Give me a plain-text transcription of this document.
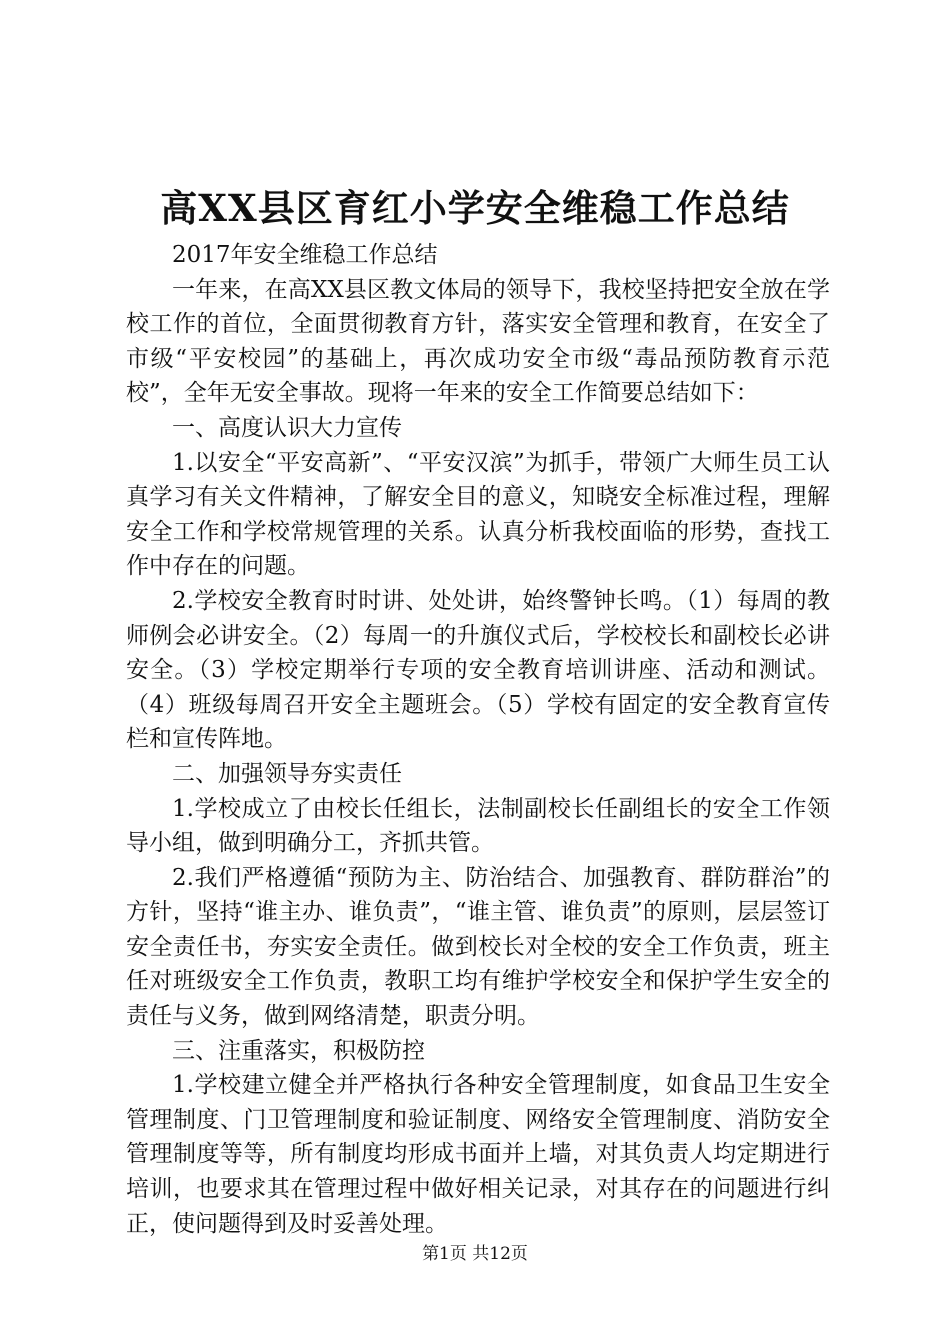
高XX县区育红小学安全维稳工作总结

2017年安全维稳工作总结

一年来，在高XX县区教文体局的领导下，我校坚持把安全放在学校工作的首位，全面贯彻教育方针，落实安全管理和教育，在安全了市级“平安校园”的基础上，再次成功安全市级“毒品预防教育示范校”，全年无安全事故。现将一年来的安全工作简要总结如下：

一、高度认识大力宣传

1.以安全“平安高新”、“平安汉滨”为抓手，带领广大师生员工认真学习有关文件精神，了解安全目的意义，知晓安全标准过程，理解安全工作和学校常规管理的关系。认真分析我校面临的形势，查找工作中存在的问题。

2.学校安全教育时时讲、处处讲，始终警钟长鸣。（1）每周的教师例会必讲安全。（2）每周一的升旗仪式后，学校校长和副校长必讲安全。（3）学校定期举行专项的安全教育培训讲座、活动和测试。（4）班级每周召开安全主题班会。（5）学校有固定的安全教育宣传栏和宣传阵地。

二、加强领导夯实责任

1.学校成立了由校长任组长，法制副校长任副组长的安全工作领导小组，做到明确分工，齐抓共管。

2.我们严格遵循“预防为主、防治结合、加强教育、群防群治”的方针，坚持“谁主办、谁负责”，“谁主管、谁负责”的原则，层层签订安全责任书，夯实安全责任。做到校长对全校的安全工作负责，班主任对班级安全工作负责，教职工均有维护学校安全和保护学生安全的责任与义务，做到网络清楚，职责分明。

三、注重落实，积极防控

1.学校建立健全并严格执行各种安全管理制度，如食品卫生安全管理制度、门卫管理制度和验证制度、网络安全管理制度、消防安全管理制度等等，所有制度均形成书面并上墙，对其负责人均定期进行培训，也要求其在管理过程中做好相关记录，对其存在的问题进行纠正，使问题得到及时妥善处理。

第1页 共12页
